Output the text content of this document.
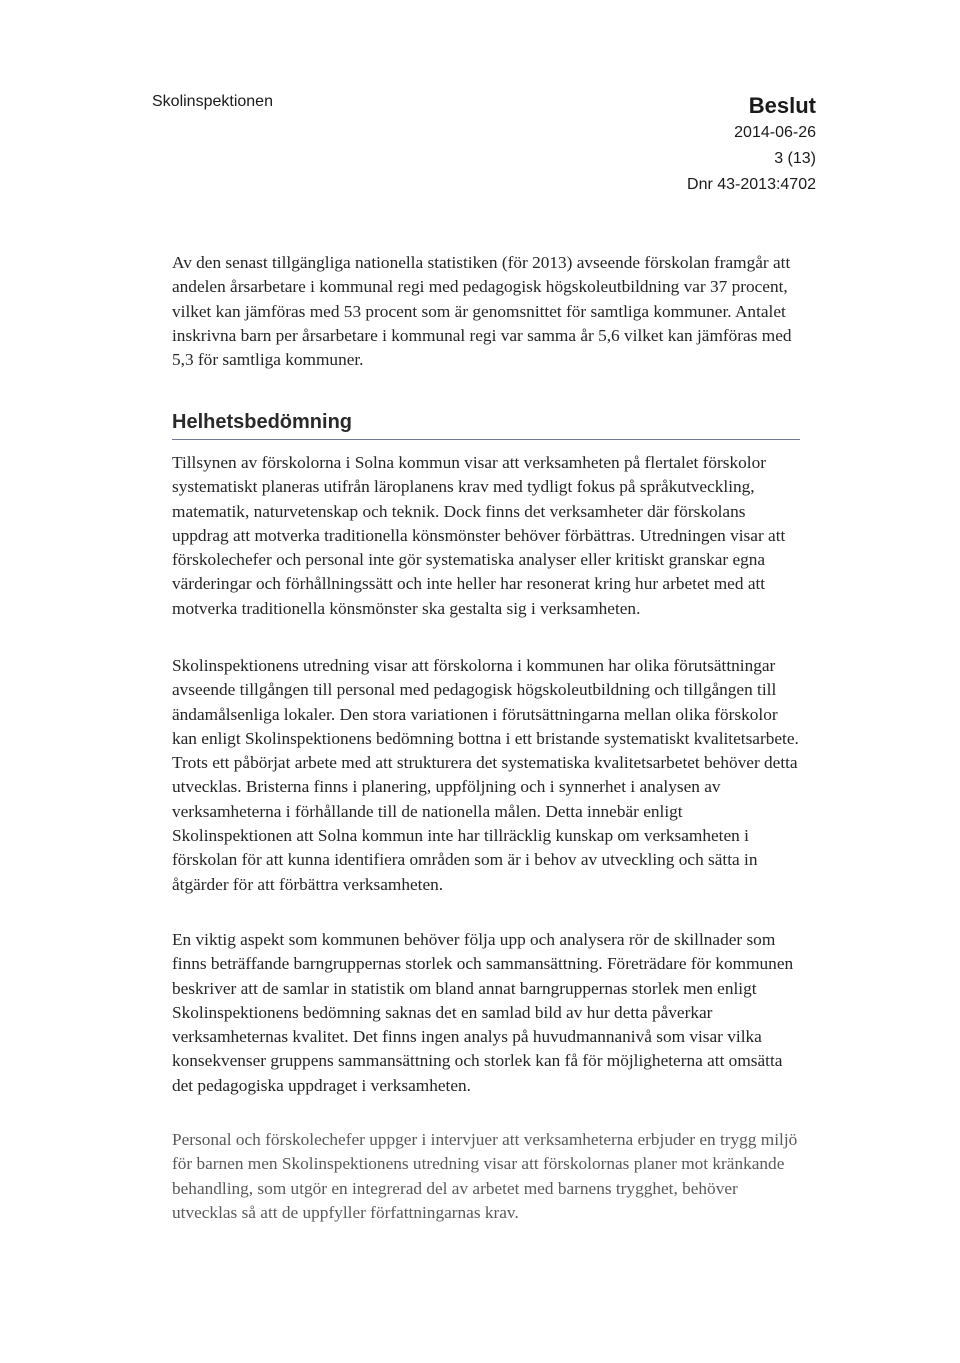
Skolinspektionen	Beslut
2014-06-26
3 (13)
Dnr 43-2013:4702

Av den senast tillgängliga nationella statistiken (för 2013) avseende förskolan framgår att andelen årsarbetare i kommunal regi med pedagogisk högskoleutbildning var 37 procent, vilket kan jämföras med 53 procent som är genomsnittet för samtliga kommuner. Antalet inskrivna barn per årsarbetare i kommunal regi var samma år 5,6 vilket kan jämföras med 5,3 för samtliga kommuner.

Helhetsbedömning

Tillsynen av förskolorna i Solna kommun visar att verksamheten på flertalet förskolor systematiskt planeras utifrån läroplanens krav med tydligt fokus på språkutveckling, matematik, naturvetenskap och teknik. Dock finns det verksamheter där förskolans uppdrag att motverka traditionella könsmönster behöver förbättras. Utredningen visar att förskolechefer och personal inte gör systematiska analyser eller kritiskt granskar egna värderingar och förhållningssätt och inte heller har resonerat kring hur arbetet med att motverka traditionella könsmönster ska gestalta sig i verksamheten.

Skolinspektionens utredning visar att förskolorna i kommunen har olika förutsättningar avseende tillgången till personal med pedagogisk högskoleutbildning och tillgången till ändamålsenliga lokaler. Den stora variationen i förutsättningarna mellan olika förskolor kan enligt Skolinspektionens bedömning bottna i ett bristande systematiskt kvalitetsarbete. Trots ett påbörjat arbete med att strukturera det systematiska kvalitetsarbetet behöver detta utvecklas. Bristerna finns i planering, uppföljning och i synnerhet i analysen av verksamheterna i förhållande till de nationella målen. Detta innebär enligt Skolinspektionen att Solna kommun inte har tillräcklig kunskap om verksamheten i förskolan för att kunna identifiera områden som är i behov av utveckling och sätta in åtgärder för att förbättra verksamheten.

En viktig aspekt som kommunen behöver följa upp och analysera rör de skillnader som finns beträffande barngruppernas storlek och sammansättning. Företrädare för kommunen beskriver att de samlar in statistik om bland annat barngruppernas storlek men enligt Skolinspektionens bedömning saknas det en samlad bild av hur detta påverkar verksamheternas kvalitet. Det finns ingen analys på huvudmannanivå som visar vilka konsekvenser gruppens sammansättning och storlek kan få för möjligheterna att omsätta det pedagogiska uppdraget i verksamheten.

Personal och förskolechefer uppger i intervjuer att verksamheterna erbjuder en trygg miljö för barnen men Skolinspektionens utredning visar att förskolornas planer mot kränkande behandling, som utgör en integrerad del av arbetet med barnens trygghet, behöver utvecklas så att de uppfyller författningarnas krav.
